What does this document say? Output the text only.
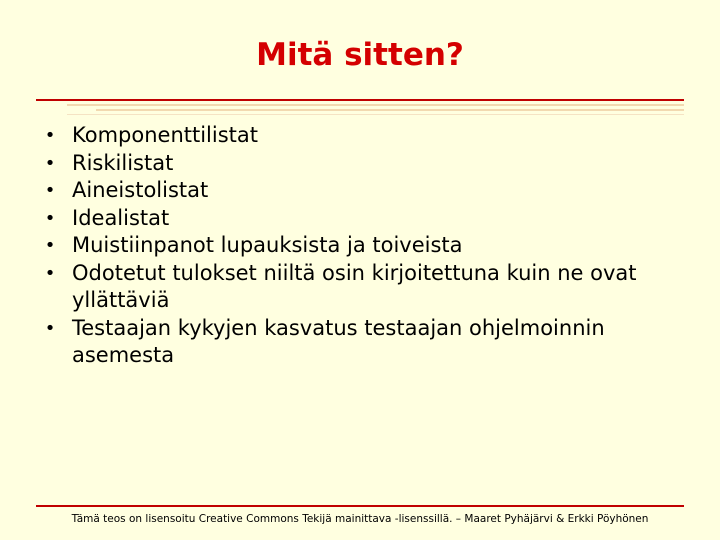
Mitä sitten?
• Komponenttilistat
• Riskilistat
• Aineistolistat
• Idealistat
• Muistiinpanot lupauksista ja toiveista
• Odotetut tulokset niiltä osin kirjoitettuna kuin ne ovat yllättäviä
• Testaajan kykyjen kasvatus testaajan ohjelmoinnin asemesta
Tämä teos on lisensoitu Creative Commons Tekijä mainittava -lisenssillä. – Maaret Pyhäjärvi & Erkki Pöyhönen
